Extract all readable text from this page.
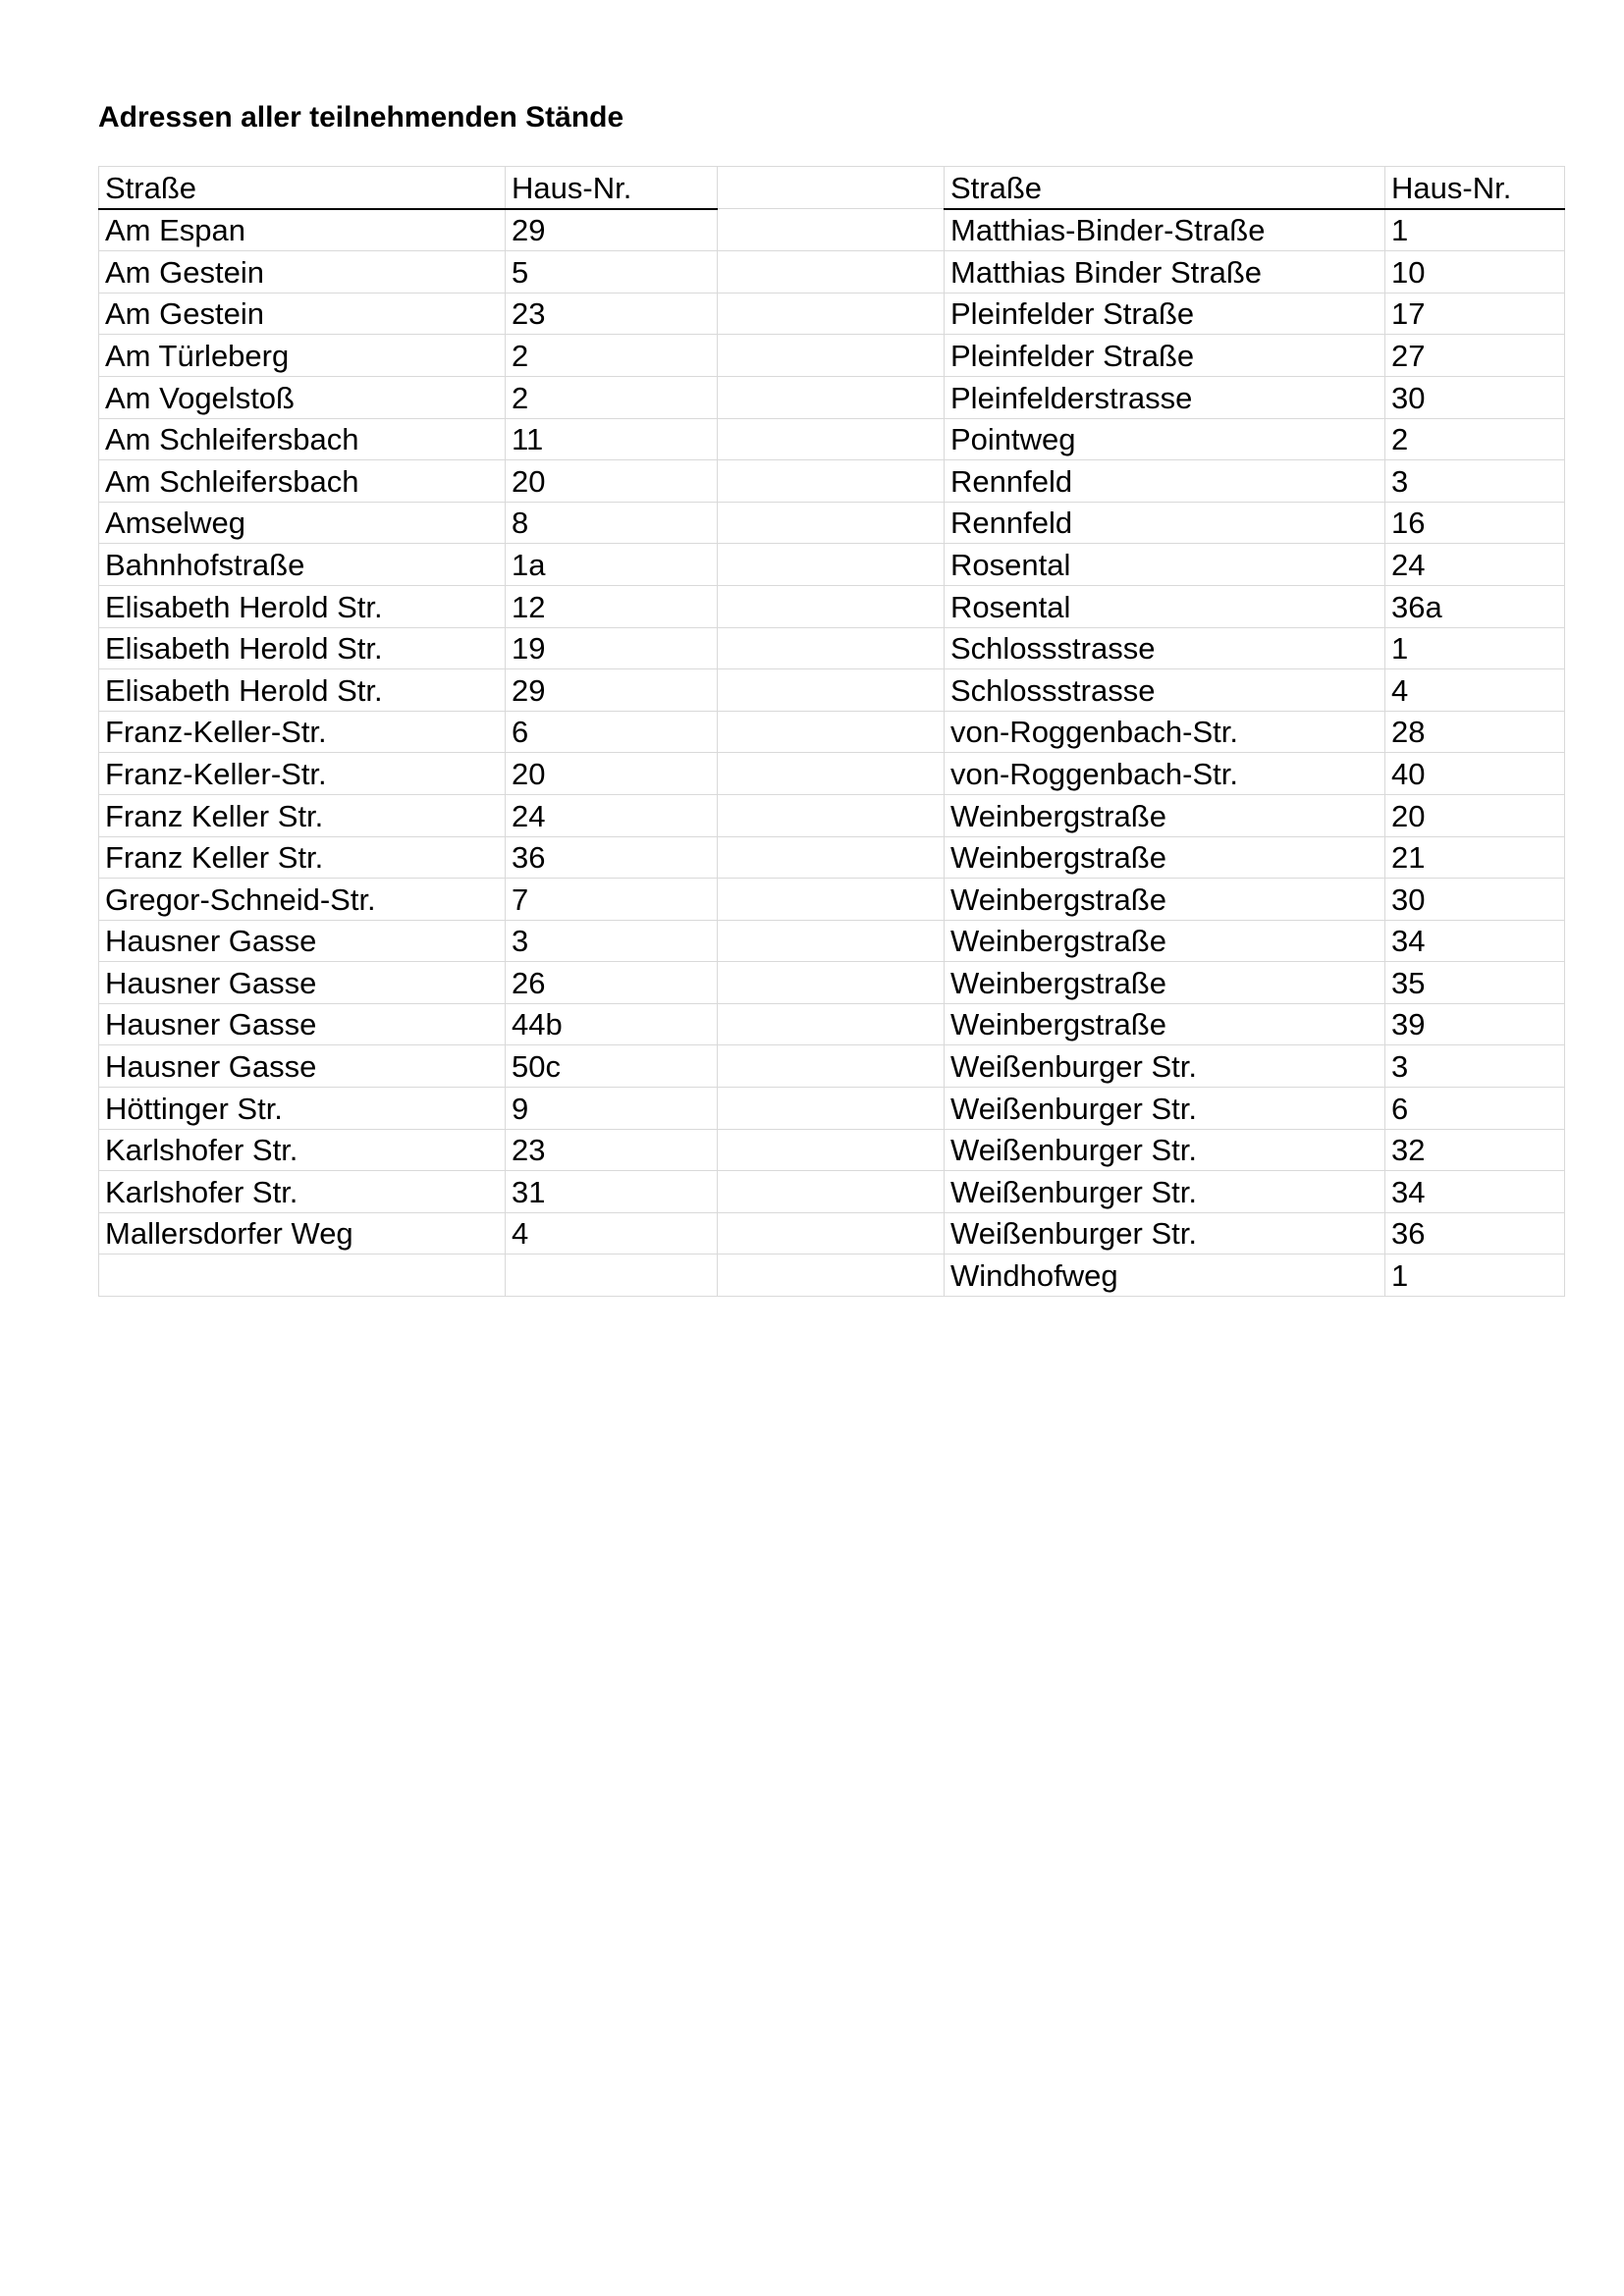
Adressen aller teilnehmenden Stände
Straße	Haus-Nr.		Straße	Haus-Nr.
Am Espan	29		Matthias-Binder-Straße	1
Am Gestein	5		Matthias Binder Straße	10
Am Gestein	23		Pleinfelder Straße	17
Am Türleberg	2		Pleinfelder Straße	27
Am Vogelstoß	2		Pleinfelderstrasse	30
Am Schleifersbach	11		Pointweg	2
Am Schleifersbach	20		Rennfeld	3
Amselweg	8		Rennfeld	16
Bahnhofstraße	1a		Rosental	24
Elisabeth Herold Str.	12		Rosental	36a
Elisabeth Herold Str.	19		Schlossstrasse	1
Elisabeth Herold Str.	29		Schlossstrasse	4
Franz-Keller-Str.	6		von-Roggenbach-Str.	28
Franz-Keller-Str.	20		von-Roggenbach-Str.	40
Franz Keller Str.	24		Weinbergstraße	20
Franz Keller Str.	36		Weinbergstraße	21
Gregor-Schneid-Str.	7		Weinbergstraße	30
Hausner Gasse	3		Weinbergstraße	34
Hausner Gasse	26		Weinbergstraße	35
Hausner Gasse	44b		Weinbergstraße	39
Hausner Gasse	50c		Weißenburger Str.	3
Höttinger Str.	9		Weißenburger Str.	6
Karlshofer Str.	23		Weißenburger Str.	32
Karlshofer Str.	31		Weißenburger Str.	34
Mallersdorfer Weg	4		Weißenburger Str.	36
			Windhofweg	1
